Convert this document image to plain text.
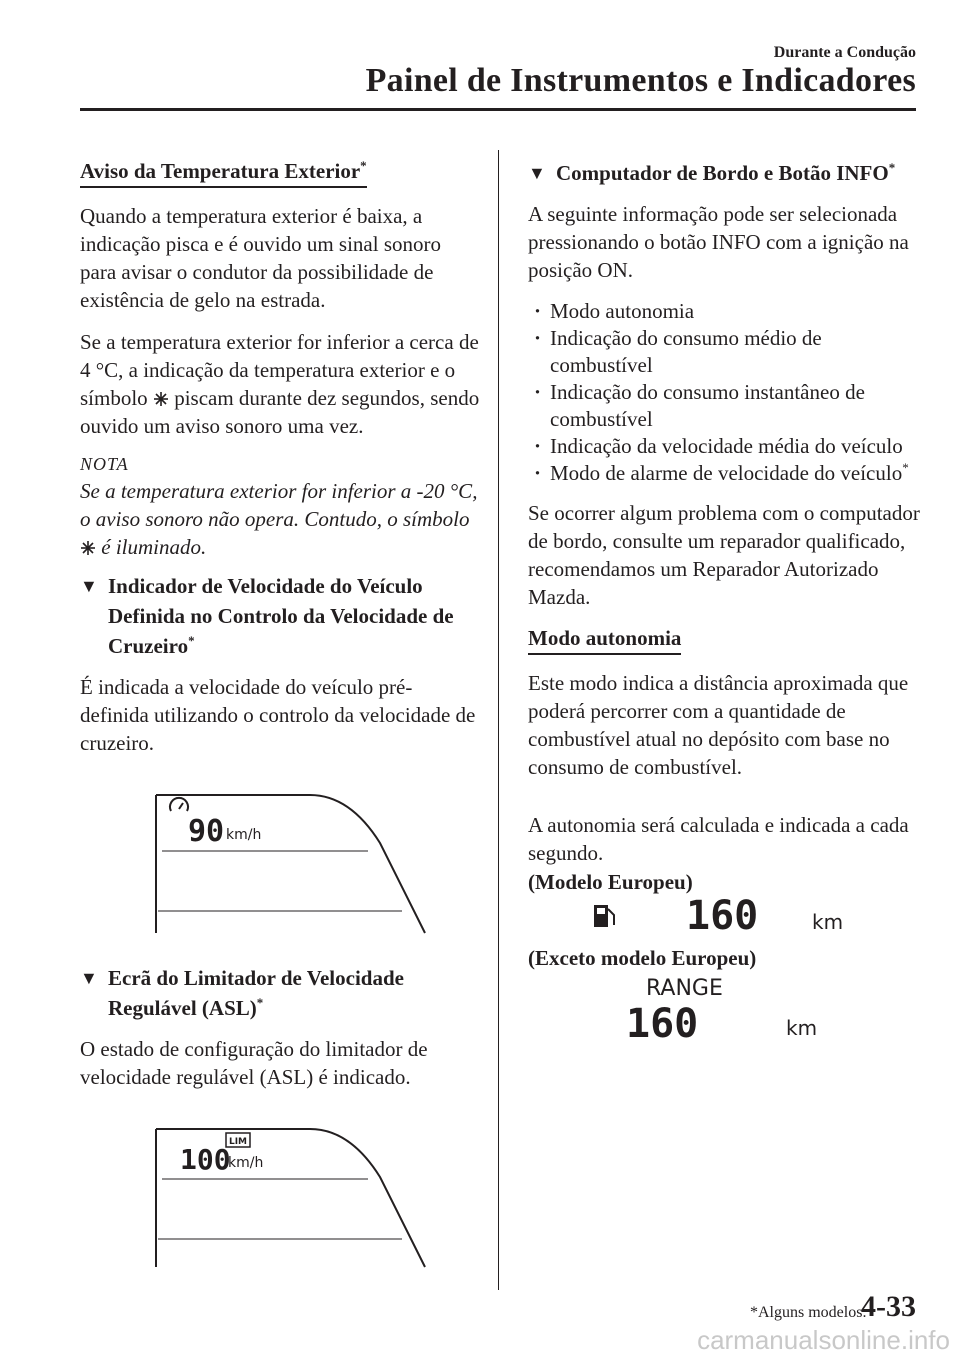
Durante a Condução
Painel de Instrumentos e Indicadores
Aviso da Temperatura Exterior*

Quando a temperatura exterior é baixa, a indicação pisca e é ouvido um sinal sonoro para avisar o condutor da possibilidade de existência de gelo na estrada.

Se a temperatura exterior for inferior a cerca de 4 °C, a indicação da temperatura exterior e o símbolo piscam durante dez segundos, sendo ouvido um aviso sonoro uma vez.

NOTA

Se a temperatura exterior for inferior a -20 °C, o aviso sonoro não opera. Contudo, o símbolo  é iluminado.

▼ Indicador de Velocidade do Veículo Definida no Controlo da Velocidade de Cruzeiro*

É indicada a velocidade do veículo pré-definida utilizando o controlo da velocidade de cruzeiro.

90 km/h
▼ Ecrã do Limitador de Velocidade Regulável (ASL)*

O estado de configuração do limitador de velocidade regulável (ASL) é indicado.

LIM
100
km/h
▼ Computador de Bordo e Botão INFO*

A seguinte informação pode ser selecionada pressionando o botão INFO com a ignição na posição ON.

· Modo autonomia
· Indicação do consumo médio de combustível
· Indicação do consumo instantâneo de combustível
· Indicação da velocidade média do veículo
· Modo de alarme de velocidade do veículo*

Se ocorrer algum problema com o computador de bordo, consulte um reparador qualificado, recomendamos um Reparador Autorizado Mazda.

Modo autonomia

Este modo indica a distância aproximada que poderá percorrer com a quantidade de combustível atual no depósito com base no consumo de combustível.

A autonomia será calculada e indicada a cada segundo.

(Modelo Europeu)

160	km

(Exceto modelo Europeu)

RANGE
160	km
*Alguns modelos.
4-33
carmanualsonline.info
